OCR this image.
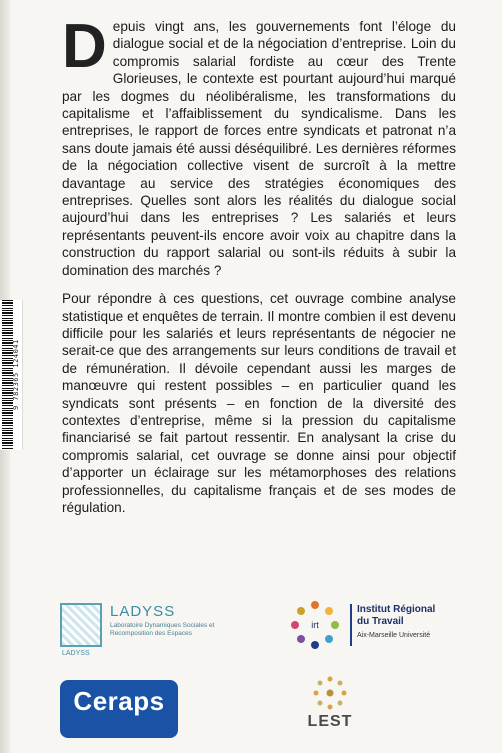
9 782365 124041

Depuis vingt ans, les gouvernements font l’éloge du dialogue social et de la négociation d’entreprise. Loin du compromis salarial fordiste au cœur des Trente Glorieuses, le contexte est pourtant aujourd’hui marqué par les dogmes du néolibéralisme, les transformations du capitalisme et l’affaiblissement du syndicalisme. Dans les entreprises, le rapport de forces entre syndicats et patronat n’a sans doute jamais été aussi déséquilibré. Les dernières réformes de la négociation collective visent de surcroît à la mettre davantage au service des stratégies économiques des entreprises. Quelles sont alors les réalités du dialogue social aujourd’hui dans les entreprises ? Les salariés et leurs représentants peuvent-ils encore avoir voix au chapitre dans la construction du rapport salarial ou sont-ils réduits à subir la domination des marchés ?

Pour répondre à ces questions, cet ouvrage combine analyse statistique et enquêtes de terrain. Il montre combien il est devenu difficile pour les salariés et leurs représentants de négocier ne serait-ce que des arrangements sur leurs conditions de travail et de rémunération. Il dévoile cependant aussi les marges de manœuvre qui restent possibles – en particulier quand les syndicats sont présents – en fonction de la diversité des contextes d’entreprise, même si la pression du capitalisme financiarisé se fait partout ressentir. En analysant la crise du compromis salarial, cet ouvrage se donne ainsi pour objectif d’apporter un éclairage sur les métamorphoses des relations professionnelles, du capitalisme français et de ses modes de régulation.

LADYSS
LADYSS
Laboratoire Dynamiques Sociales et Recomposition des Espaces
irt
Institut Régional
du Travail
Aix-Marseille Université
Ceraps
LEST
